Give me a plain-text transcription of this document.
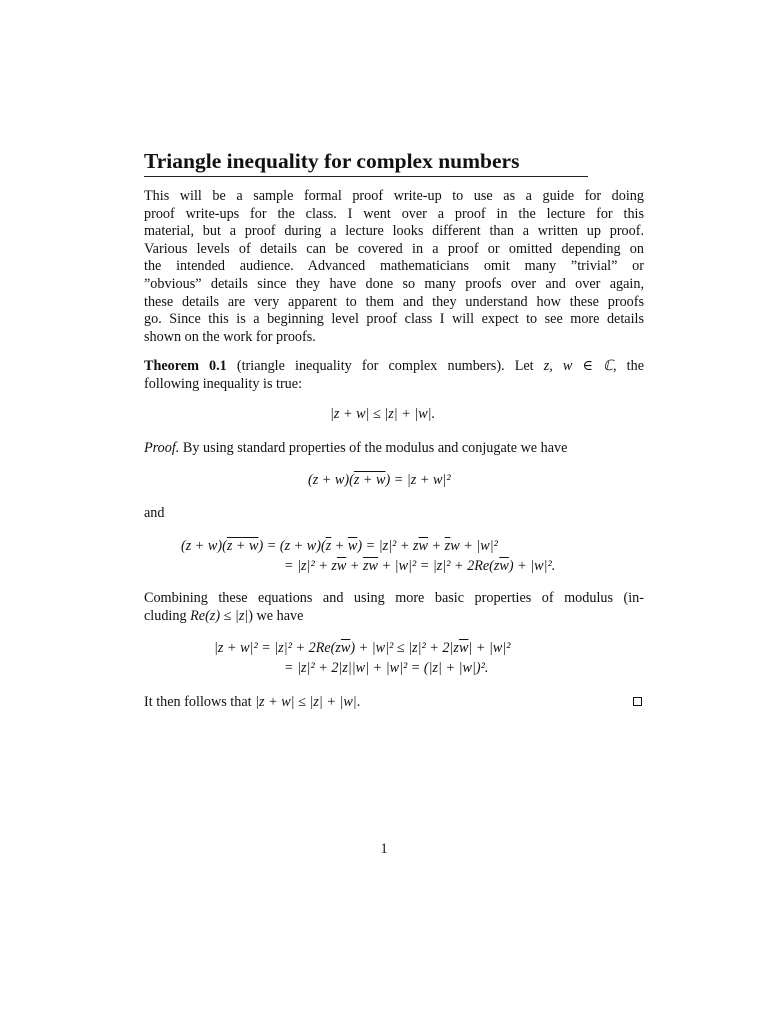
Triangle inequality for complex numbers
This will be a sample formal proof write-up to use as a guide for doing
proof write-ups for the class. I went over a proof in the lecture for this
material, but a proof during a lecture looks different than a written up proof.
Various levels of details can be covered in a proof or omitted depending on
the intended audience. Advanced mathematicians omit many ”trivial” or
”obvious” details since they have done so many proofs over and over again,
these details are very apparent to them and they understand how these proofs
go. Since this is a beginning level proof class I will expect to see more details
shown on the work for proofs.
Theorem 0.1 (triangle inequality for complex numbers). Let z, w ∈ ℂ, the
following inequality is true:
|z + w| ≤ |z| + |w|.
Proof. By using standard properties of the modulus and conjugate we have
(z + w)(z + w) = |z + w|²
and
$(z + w)(z + w) = (z + w)(\overline{z} + \overline{w}) = |z|^2 + z\overline{w} + \overline{z}w + |w|^2$
= $|z|^2 + z\overline{w} + \overline{zw} + |w|^2 = |z|^2 + 2Re(z\overline{w}) + |w|^2$.
Combining these equations and using more basic properties of modulus (in-
cluding Re(z) ≤ |z|) we have
$|z + w|^2 = |z|^2 + 2Re(z\overline{w}) + |w|^2 \le |z|^2 + 2|z\overline{w}| + |w|^2$
= |z|² + 2|z||w| + |w|² = (|z| + |w|)².
It then follows that |z + w| ≤ |z| + |w|.
1
